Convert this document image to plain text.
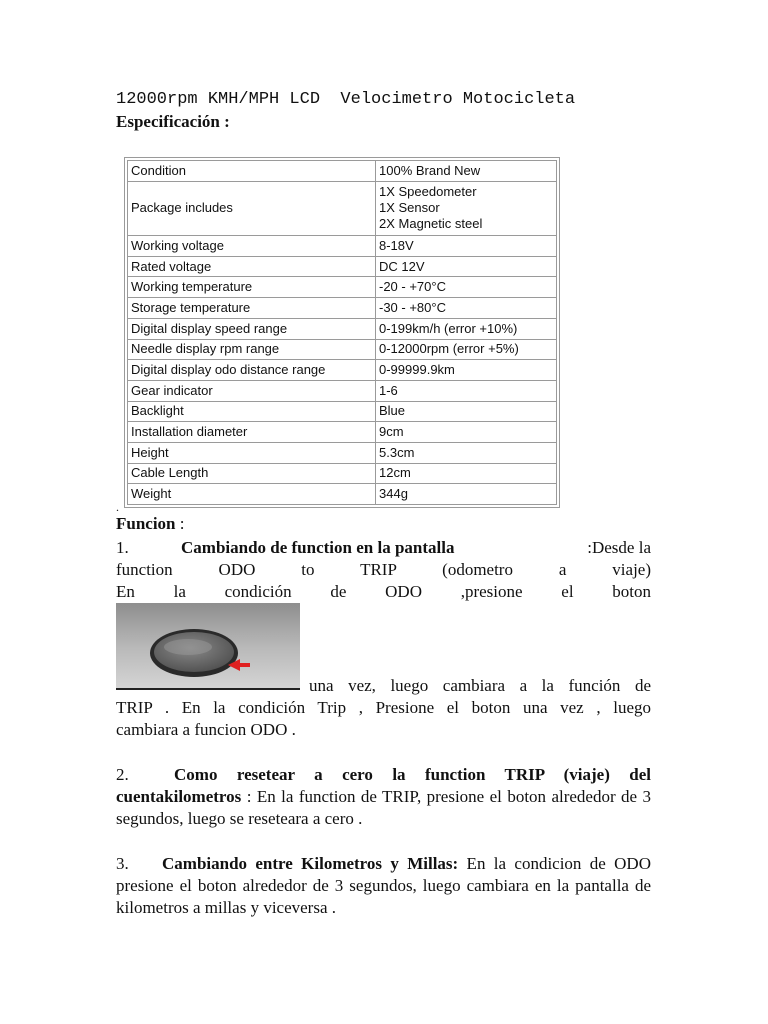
12000rpm KMH/MPH LCD  Velocimetro Motocicleta
Especificación :
Condition	100% Brand New
Package includes	1X Speedometer
1X Sensor
2X Magnetic steel

Working voltage	8-18V
Rated voltage	DC 12V
Working temperature	-20 - +70°C
Storage temperature	-30 - +80°C
Digital display speed range	0-199km/h (error +10%)
Needle display rpm range	0-12000rpm (error +5%)
Digital display odo distance range	0-99999.9km
Gear indicator	1-6
Backlight	Blue
Installation diameter	9cm
Height	5.3cm
Cable Length	12cm
Weight	344g
.
Funcion :
1.	Cambiando de function en la pantalla	:Desde la
function ODO to TRIP (odometro a viaje)
En la condición de ODO ,presione el boton
una vez, luego cambiara a la función de
TRIP . En la condición Trip , Presione el boton una vez , luego
cambiara a funcion ODO .
2.	Como resetear a cero la function TRIP (viaje) del cuentakilometros : En la function de TRIP, presione el boton alrededor de 3 segundos, luego se reseteara a cero .
3. Cambiando entre Kilometros y Millas: En la condicion de ODO presione el boton alrededor de 3 segundos, luego cambiara en la pantalla de kilometros a millas y viceversa .
